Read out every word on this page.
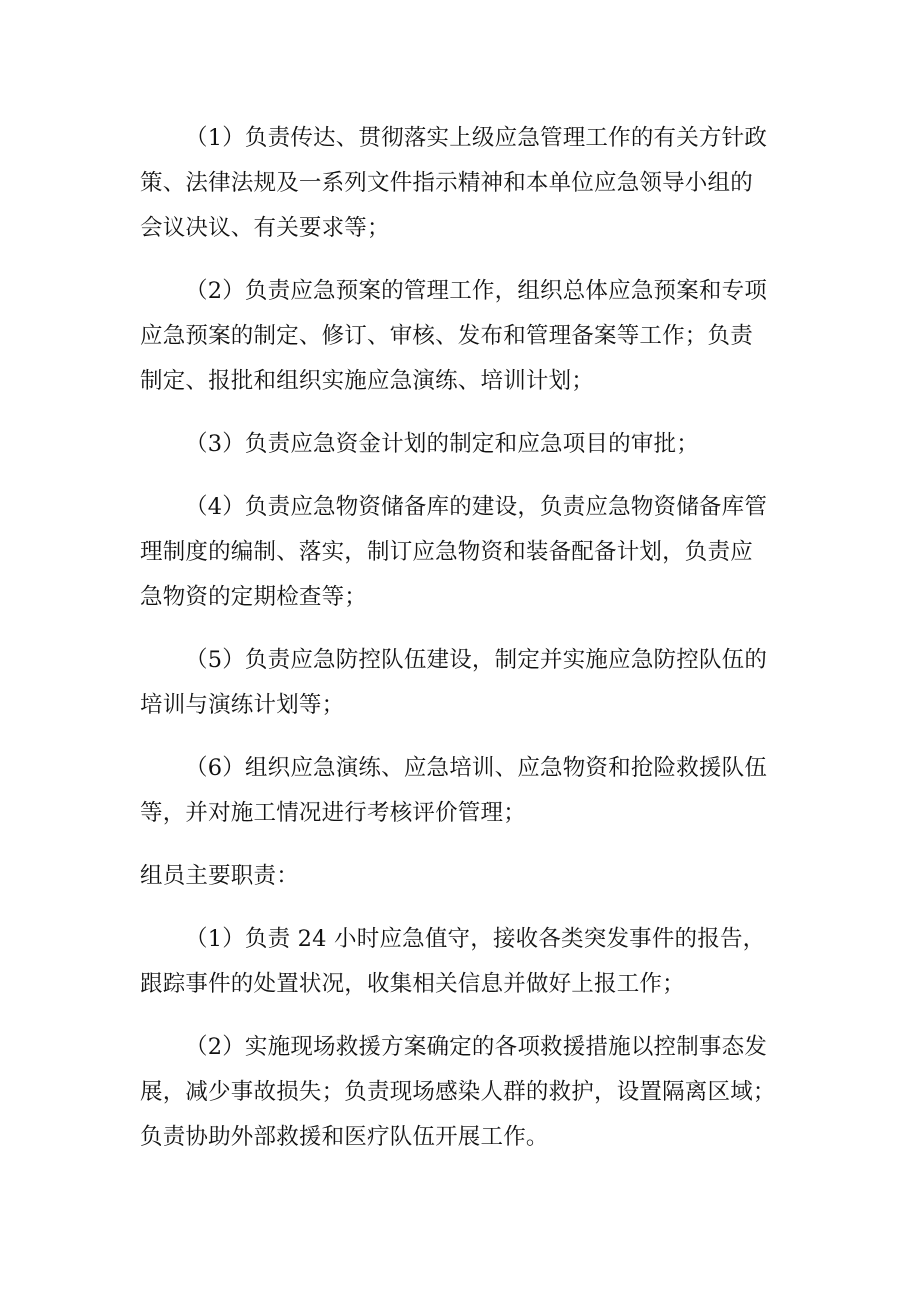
（1）负责传达、贯彻落实上级应急管理工作的有关方针政
策、法律法规及一系列文件指示精神和本单位应急领导小组的
会议决议、有关要求等；

（2）负责应急预案的管理工作，组织总体应急预案和专项
应急预案的制定、修订、审核、发布和管理备案等工作；负责
制定、报批和组织实施应急演练、培训计划；

（3）负责应急资金计划的制定和应急项目的审批；

（4）负责应急物资储备库的建设，负责应急物资储备库管
理制度的编制、落实，制订应急物资和装备配备计划，负责应
急物资的定期检查等；

（5）负责应急防控队伍建设，制定并实施应急防控队伍的
培训与演练计划等；

（6）组织应急演练、应急培训、应急物资和抢险救援队伍
等，并对施工情况进行考核评价管理；

组员主要职责：

（1）负责 24 小时应急值守，接收各类突发事件的报告，
跟踪事件的处置状况，收集相关信息并做好上报工作；

（2）实施现场救援方案确定的各项救援措施以控制事态发
展，减少事故损失；负责现场感染人群的救护，设置隔离区域；
负责协助外部救援和医疗队伍开展工作。
